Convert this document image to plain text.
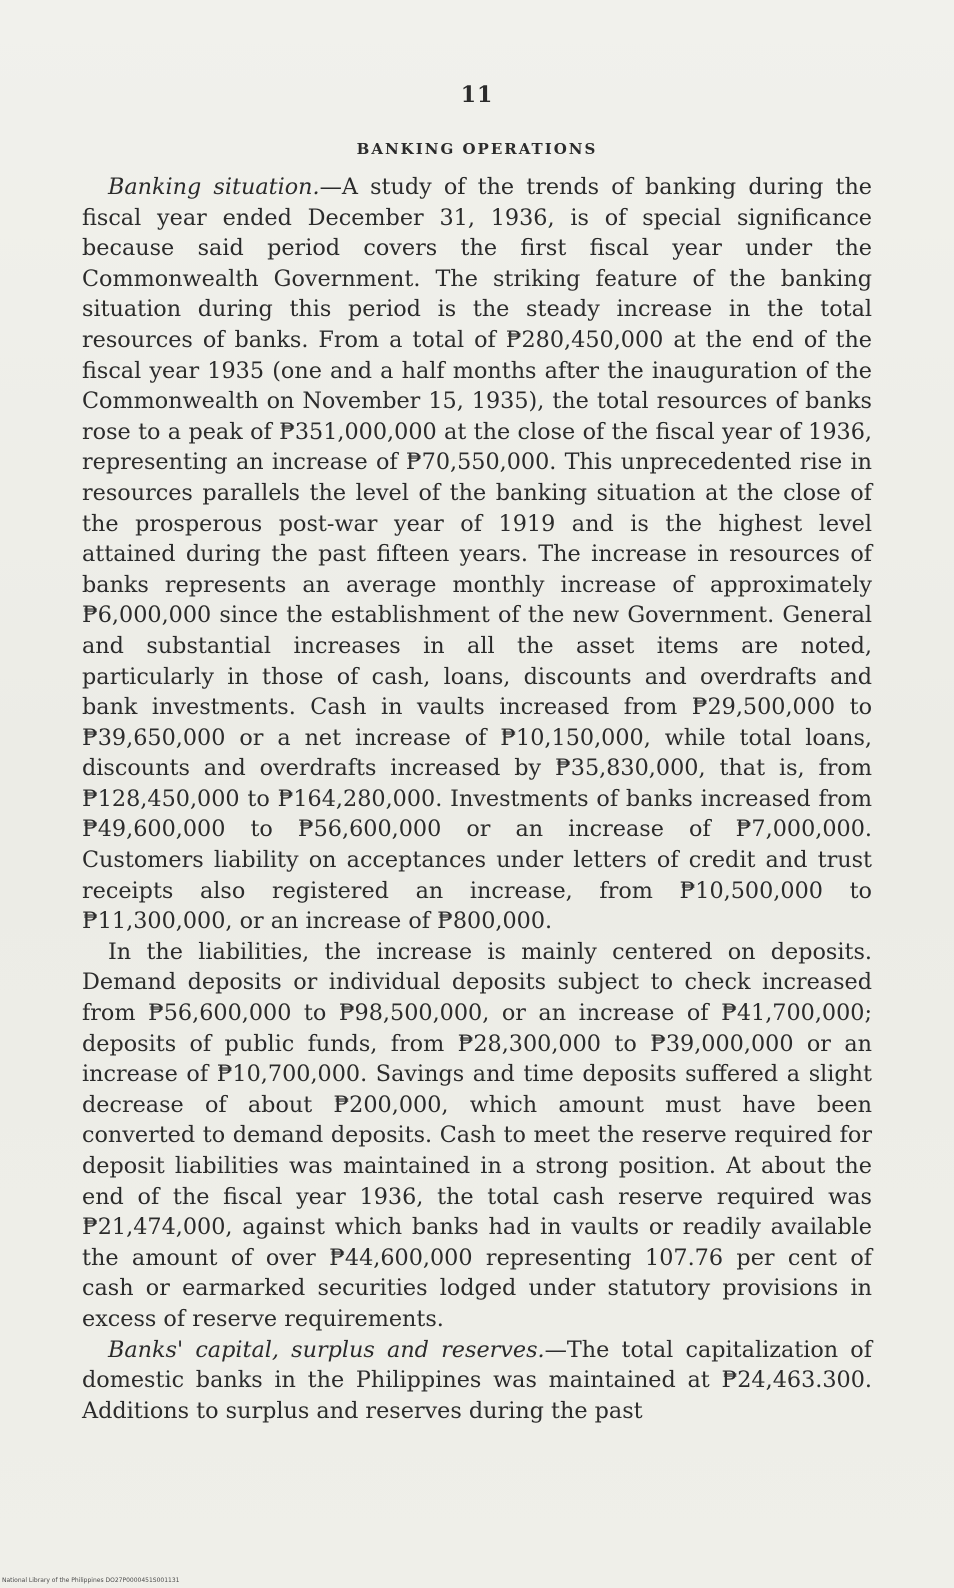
11
BANKING OPERATIONS

Banking situation.—A study of the trends of banking during the fiscal year ended December 31, 1936, is of special significance because said period covers the first fiscal year under the Commonwealth Government. The striking feature of the banking situation during this period is the steady increase in the total resources of banks. From a total of ₱280,450,000 at the end of the fiscal year 1935 (one and a half months after the inauguration of the Commonwealth on November 15, 1935), the total resources of banks rose to a peak of ₱351,000,000 at the close of the fiscal year of 1936, representing an increase of ₱70,550,000. This unprecedented rise in resources parallels the level of the banking situation at the close of the prosperous post-war year of 1919 and is the highest level attained during the past fifteen years. The increase in resources of banks represents an average monthly increase of approximately ₱6,000,000 since the establishment of the new Government. General and substantial increases in all the asset items are noted, particularly in those of cash, loans, discounts and overdrafts and bank investments. Cash in vaults increased from ₱29,500,000 to ₱39,650,000 or a net increase of ₱10,150,000, while total loans, discounts and overdrafts increased by ₱35,830,000, that is, from ₱128,450,000 to ₱164,280,000. Investments of banks increased from ₱49,600,000 to ₱56,600,000 or an increase of ₱7,000,000. Customers liability on acceptances under letters of credit and trust receipts also registered an increase, from ₱10,500,000 to ₱11,300,000, or an increase of ₱800,000.

In the liabilities, the increase is mainly centered on deposits. Demand deposits or individual deposits subject to check increased from ₱56,600,000 to ₱98,500,000, or an increase of ₱41,700,000; deposits of public funds, from ₱28,300,000 to ₱39,000,000 or an increase of ₱10,700,000. Savings and time deposits suffered a slight decrease of about ₱200,000, which amount must have been converted to demand deposits. Cash to meet the reserve required for deposit liabilities was maintained in a strong position. At about the end of the fiscal year 1936, the total cash reserve required was ₱21,474,000, against which banks had in vaults or readily available the amount of over ₱44,600,000 representing 107.76 per cent of cash or earmarked securities lodged under statutory provisions in excess of reserve requirements.

Banks' capital, surplus and reserves.—The total capitalization of domestic banks in the Philippines was maintained at ₱24,463.300. Additions to surplus and reserves during the past

National Library of the Philippines DO27P0000451S001131
